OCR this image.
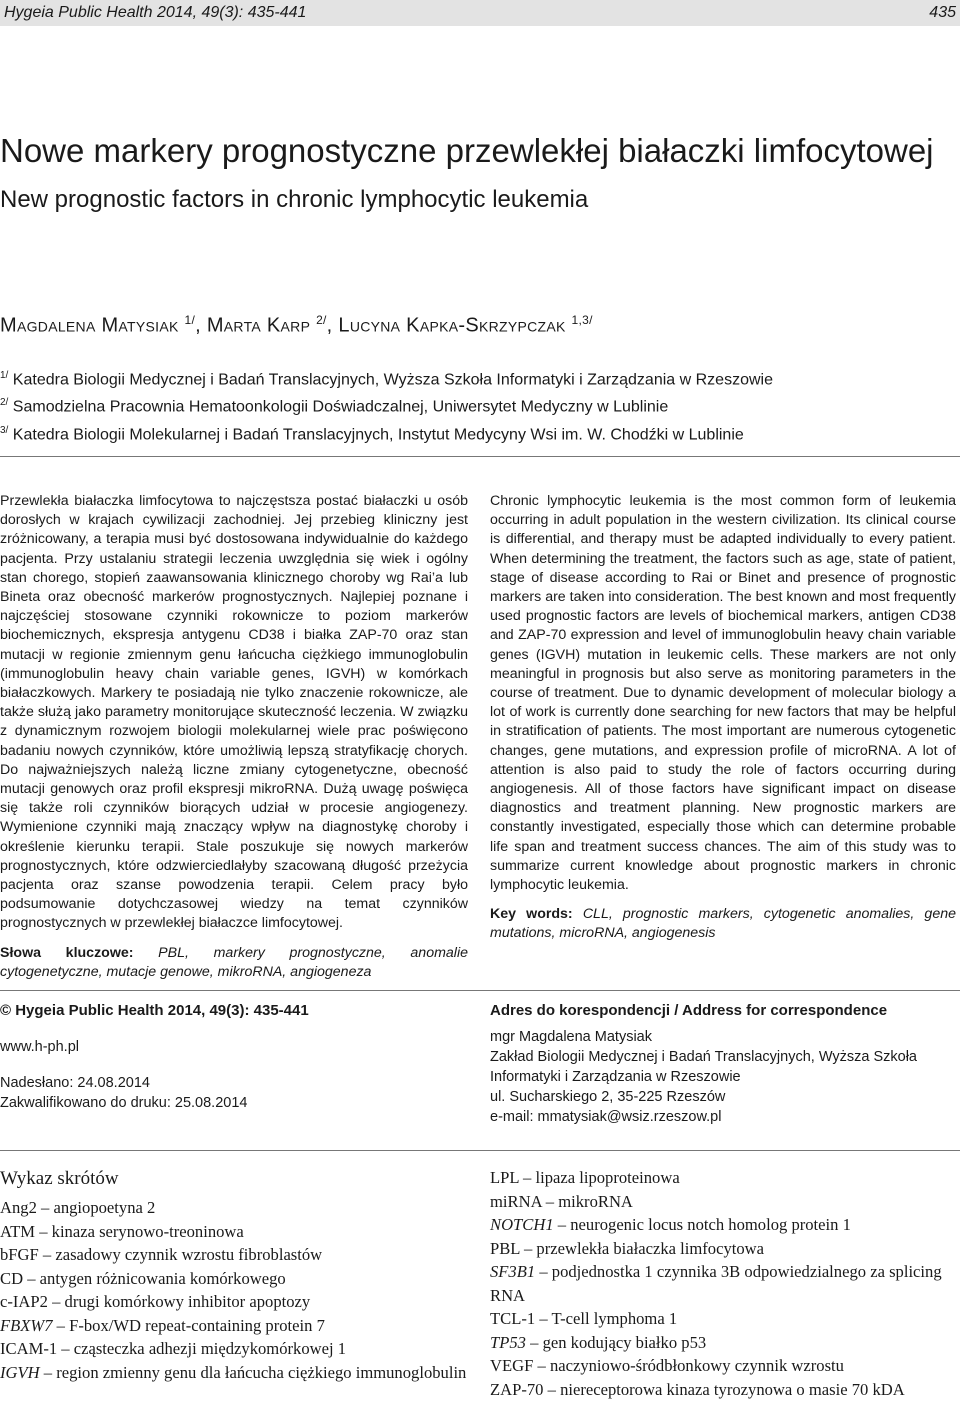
Hygeia Public Health 2014, 49(3): 435-441	435
Nowe markery prognostyczne przewlekłej białaczki limfocytowej
New prognostic factors in chronic lymphocytic leukemia
Magdalena Matysiak $^{1/}$, Marta Karp $^{2/}$, Lucyna Kapka-Skrzypczak $^{1,3/}$
$^{1/}$ Katedra Biologii Medycznej i Badań Translacyjnych, Wyższa Szkoła Informatyki i Zarządzania w Rzeszowie
$^{2/}$ Samodzielna Pracownia Hematoonkologii Doświadczalnej, Uniwersytet Medyczny w Lublinie
$^{3/}$ Katedra Biologii Molekularnej i Badań Translacyjnych, Instytut Medycyny Wsi im. W. Chodźki w Lublinie

Przewlekła białaczka limfocytowa to najczęstsza postać białaczki u osób dorosłych w krajach cywilizacji zachodniej. Jej przebieg kliniczny jest zróżnicowany, a terapia musi być dostosowana indywidualnie do każdego pacjenta. Przy ustalaniu strategii leczenia uwzględnia się wiek i ogólny stan chorego, stopień zaawansowania klinicznego choroby wg Rai’a lub Bineta oraz obecność markerów prognostycznych. Najlepiej poznane i najczęściej stosowane czynniki rokownicze to poziom markerów biochemicznych, ekspresja antygenu CD38 i białka ZAP-70 oraz stan mutacji w regionie zmiennym genu łańcucha ciężkiego immunoglobulin (immunoglobulin heavy chain variable genes, IGVH) w komórkach białaczkowych. Markery te posiadają nie tylko znaczenie rokownicze, ale także służą jako parametry monitorujące skuteczność leczenia. W związku z dynamicznym rozwojem biologii molekularnej wiele prac poświęcono badaniu nowych czynników, które umożliwią lepszą stratyfikację chorych. Do najważniejszych należą liczne zmiany cytogenetyczne, obecność mutacji genowych oraz profil ekspresji mikroRNA. Dużą uwagę poświęca się także roli czynników biorących udział w procesie angiogenezy. Wymienione czynniki mają znaczący wpływ na diagnostykę choroby i określenie kierunku terapii. Stale poszukuje się nowych markerów prognostycznych, które odzwierciedlałyby szacowaną długość przeżycia pacjenta oraz szanse powodzenia terapii. Celem pracy było podsumowanie dotychczasowej wiedzy na temat czynników prognostycznych w przewlekłej białaczce limfocytowej.

Słowa kluczowe: PBL, markery prognostyczne, anomalie cytogenetyczne, mutacje genowe, mikroRNA, angiogeneza

Chronic lymphocytic leukemia is the most common form of leukemia occurring in adult population in the western civilization. Its clinical course is differential, and therapy must be adapted individually to every patient. When determining the treatment, the factors such as age, state of patient, stage of disease according to Rai or Binet and presence of prognostic markers are taken into consideration. The best known and most frequently used prognostic factors are levels of biochemical markers, antigen CD38 and ZAP-70 expression and level of immunoglobulin heavy chain variable genes (IGVH) mutation in leukemic cells. These markers are not only meaningful in prognosis but also serve as monitoring parameters in the course of treatment. Due to dynamic development of molecular biology a lot of work is currently done searching for new factors that may be helpful in stratification of patients. The most important are numerous cytogenetic changes, gene mutations, and expression profile of microRNA. A lot of attention is also paid to study the role of factors occurring during angiogenesis. All of those factors have significant impact on disease diagnostics and treatment planning. New prognostic markers are constantly investigated, especially those which can determine probable life span and treatment success chances. The aim of this study was to summarize current knowledge about prognostic markers in chronic lymphocytic leukemia.

Key words: CLL, prognostic markers, cytogenetic anomalies, gene mutations, microRNA, angiogenesis

© Hygeia Public Health 2014, 49(3): 435-441
www.h-ph.pl
Nadesłano: 24.08.2014
Zakwalifikowano do druku: 25.08.2014
Adres do korespondencji / Address for correspondence
mgr Magdalena Matysiak
Zakład Biologii Medycznej i Badań Translacyjnych, Wyższa Szkoła Informatyki i Zarządzania w Rzeszowie
ul. Sucharskiego 2, 35-225 Rzeszów
e-mail: mmatysiak@wsiz.rzeszow.pl
Wykaz skrótów
Ang2 – angiopoetyna 2
ATM – kinaza serynowo-treoninowa
bFGF – zasadowy czynnik wzrostu fibroblastów
CD – antygen różnicowania komórkowego
c-IAP2 – drugi komórkowy inhibitor apoptozy
FBXW7 – F-box/WD repeat-containing protein 7
ICAM-1 – cząsteczka adhezji międzykomórkowej 1
IGVH – region zmienny genu dla łańcucha ciężkiego immunoglobulin
LPL – lipaza lipoproteinowa
miRNA – mikroRNA
NOTCH1 – neurogenic locus notch homolog protein 1
PBL – przewlekła białaczka limfocytowa
SF3B1 – podjednostka 1 czynnika 3B odpowiedzialnego za splicing RNA
TCL-1 – T-cell lymphoma 1
TP53 – gen kodujący białko p53
VEGF – naczyniowo-śródbłonkowy czynnik wzrostu
ZAP-70 – niereceptorowa kinaza tyrozynowa o masie 70 kDA
